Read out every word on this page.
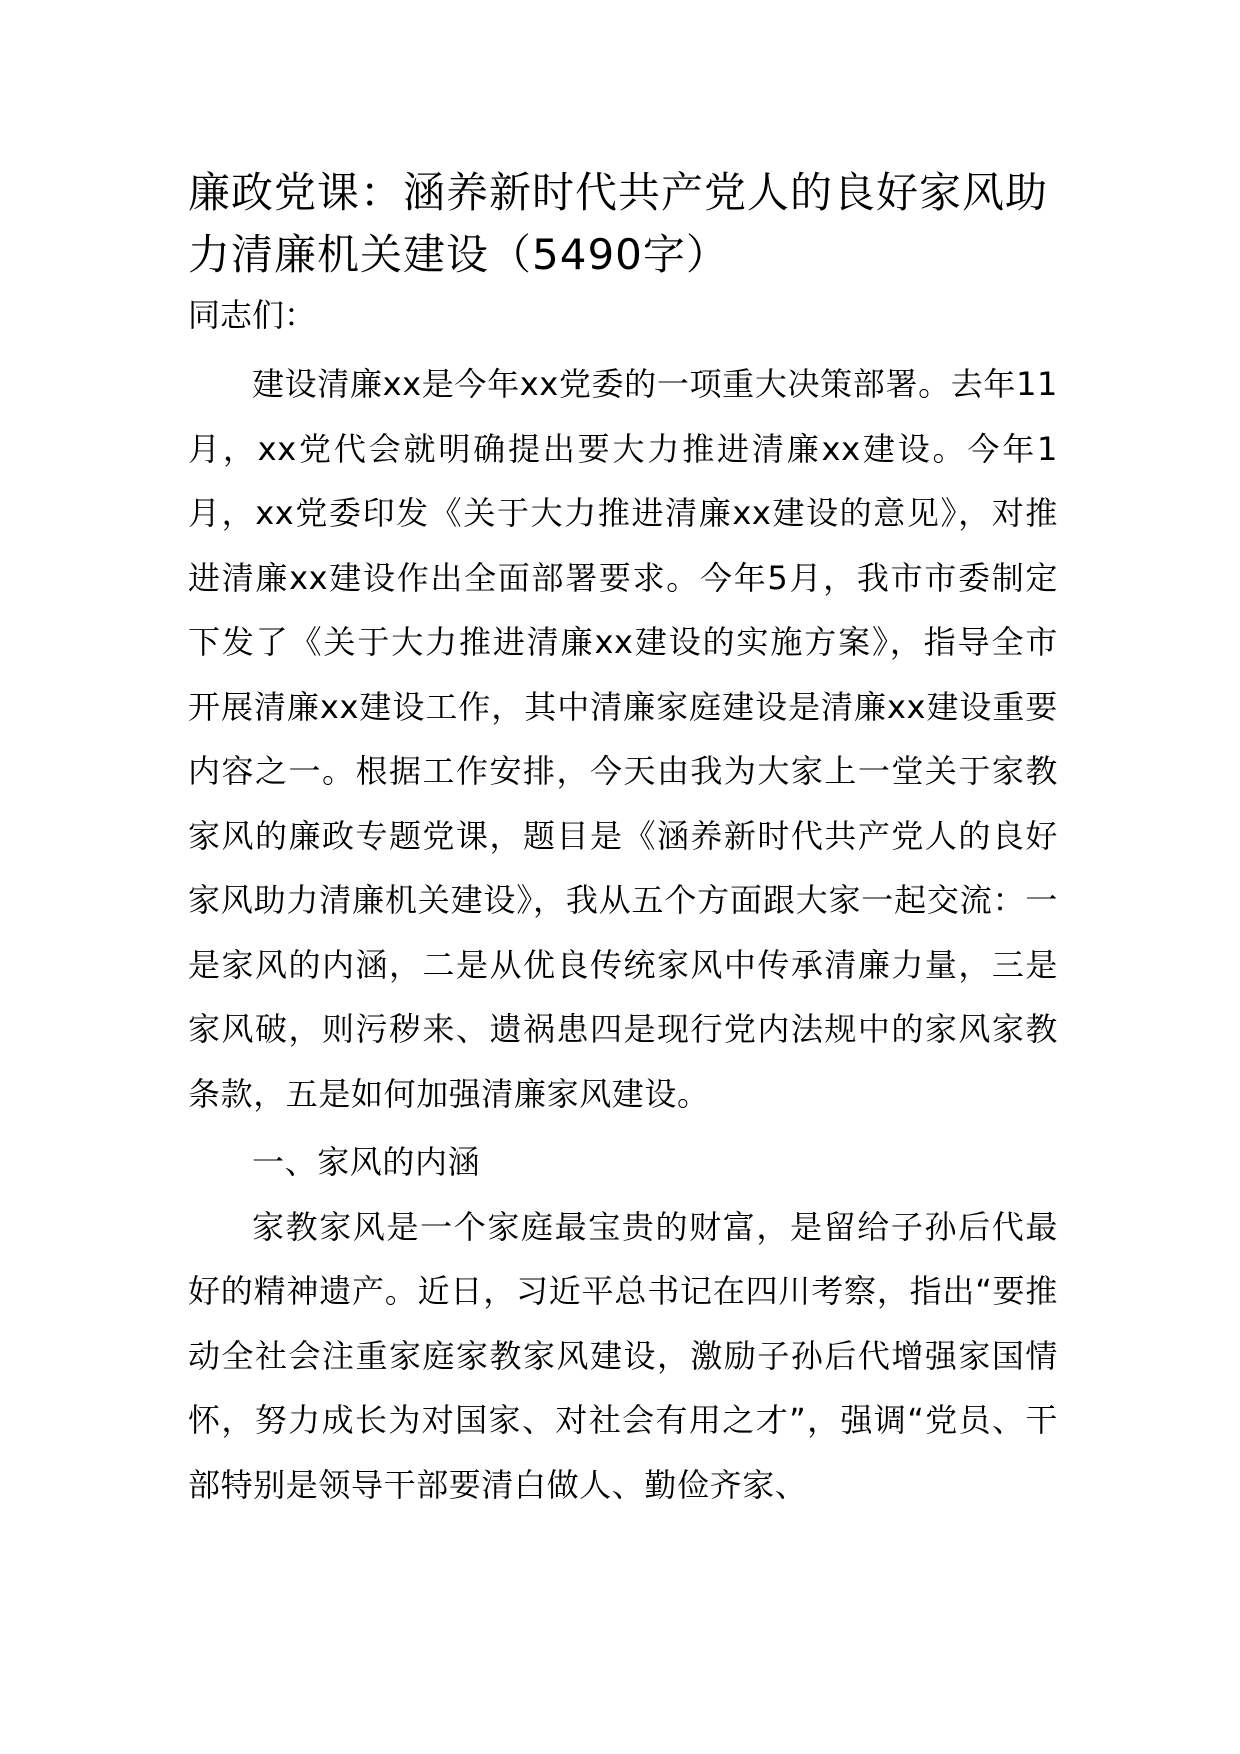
廉政党课：涵养新时代共产党人的良好家风助力清廉机关建设（5490字）

同志们：

建设清廉xx是今年xx党委的一项重大决策部署。去年11月，xx党代会就明确提出要大力推进清廉xx建设。今年1月，xx党委印发《关于大力推进清廉xx建设的意见》，对推进清廉xx建设作出全面部署要求。今年5月，我市市委制定下发了《关于大力推进清廉xx建设的实施方案》，指导全市开展清廉xx建设工作，其中清廉家庭建设是清廉xx建设重要内容之一。根据工作安排，今天由我为大家上一堂关于家教家风的廉政专题党课，题目是《涵养新时代共产党人的良好家风助力清廉机关建设》，我从五个方面跟大家一起交流：一是家风的内涵，二是从优良传统家风中传承清廉力量，三是家风破，则污秽来、遗祸患四是现行党内法规中的家风家教条款，五是如何加强清廉家风建设。

一、家风的内涵

家教家风是一个家庭最宝贵的财富，是留给子孙后代最好的精神遗产。近日，习近平总书记在四川考察，指出“要推动全社会注重家庭家教家风建设，激励子孙后代增强家国情怀，努力成长为对国家、对社会有用之才”，强调“党员、干部特别是领导干部要清白做人、勤俭齐家、
